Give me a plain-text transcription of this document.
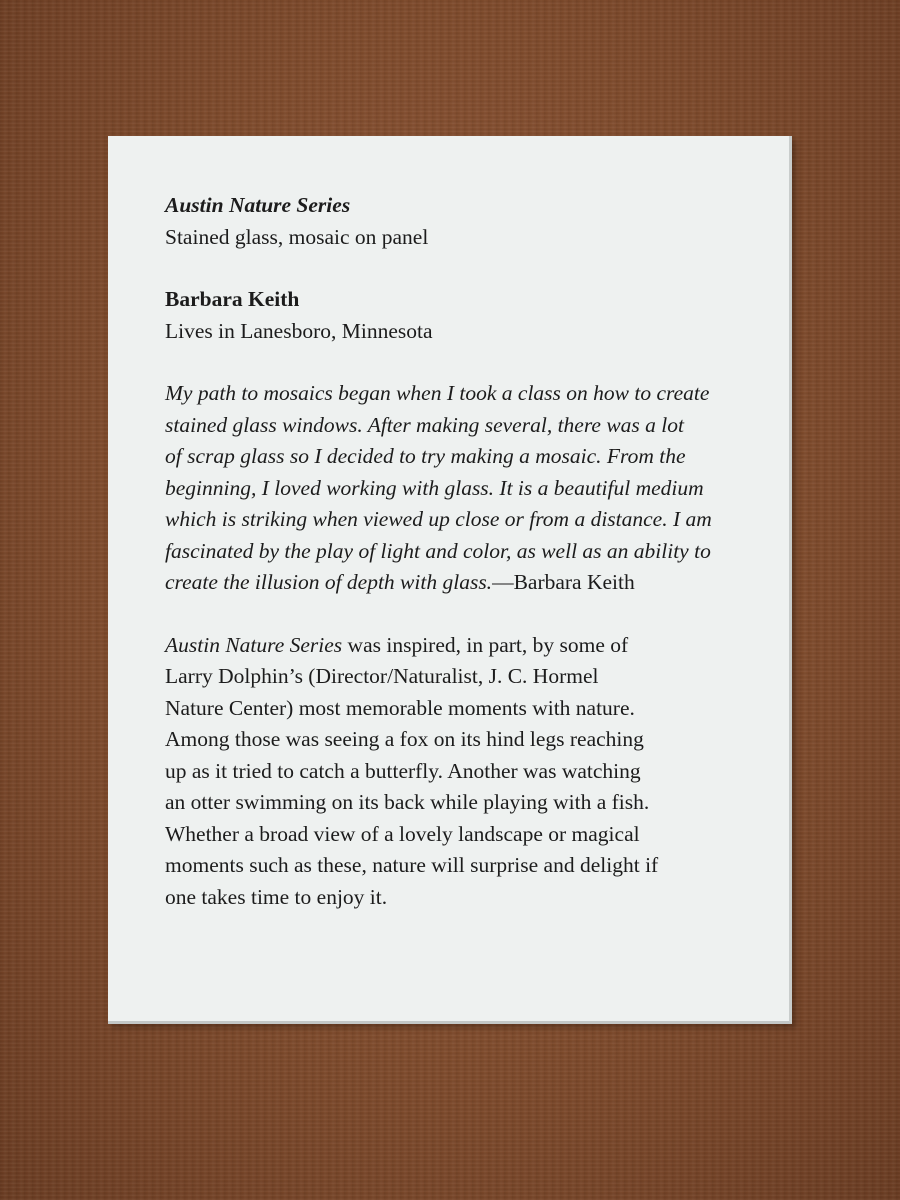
Austin Nature Series

Stained glass, mosaic on panel

Barbara Keith

Lives in Lanesboro, Minnesota

My path to mosaics began when I took a class on how to create

stained glass windows. After making several, there was a lot

of scrap glass so I decided to try making a mosaic. From the

beginning, I loved working with glass. It is a beautiful medium

which is striking when viewed up close or from a distance. I am

fascinated by the play of light and color, as well as an ability to

create the illusion of depth with glass.—Barbara Keith

Austin Nature Series was inspired, in part, by some of

Larry Dolphin’s (Director/Naturalist, J. C. Hormel

Nature Center) most memorable moments with nature.

Among those was seeing a fox on its hind legs reaching

up as it tried to catch a butterfly. Another was watching

an otter swimming on its back while playing with a fish.

Whether a broad view of a lovely landscape or magical

moments such as these, nature will surprise and delight if

one takes time to enjoy it.
